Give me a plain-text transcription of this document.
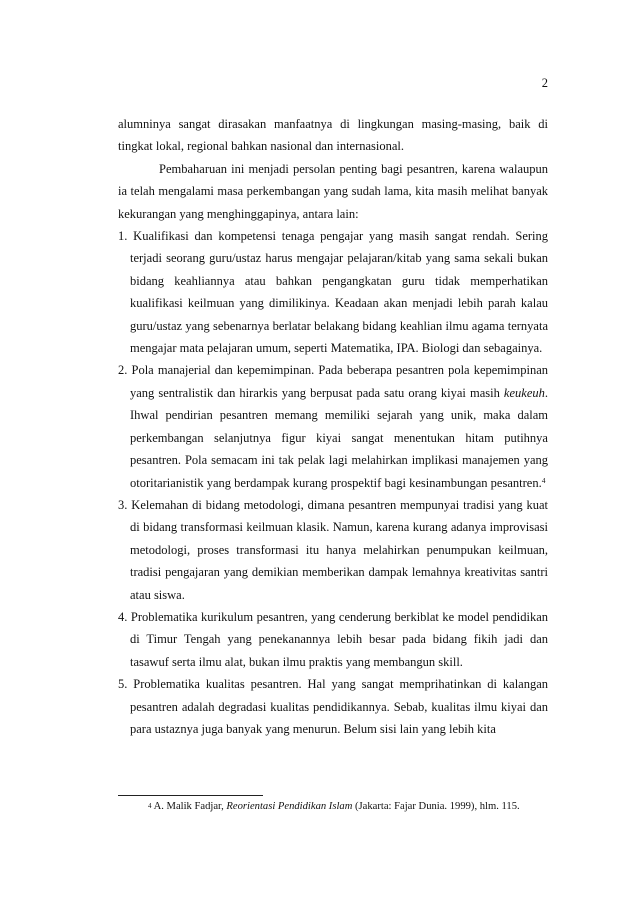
2

alumninya sangat dirasakan manfaatnya di lingkungan masing-masing, baik di tingkat lokal, regional bahkan nasional dan internasional.

Pembaharuan ini menjadi persolan penting bagi pesantren, karena walaupun ia telah mengalami masa perkembangan yang sudah lama, kita masih melihat banyak kekurangan yang menghinggapinya, antara lain:

1. Kualifikasi dan kompetensi tenaga pengajar yang masih sangat rendah. Sering terjadi seorang guru/ustaz harus mengajar pelajaran/kitab yang sama sekali bukan bidang keahliannya atau bahkan pengangkatan guru tidak memperhatikan kualifikasi keilmuan yang dimilikinya. Keadaan akan menjadi lebih parah kalau guru/ustaz yang sebenarnya berlatar belakang bidang keahlian ilmu agama ternyata mengajar mata pelajaran umum, seperti Matematika, IPA. Biologi dan sebagainya.
2. Pola manajerial dan kepemimpinan. Pada beberapa pesantren pola kepemimpinan yang sentralistik dan hirarkis yang berpusat pada satu orang kiyai masih keukeuh. Ihwal pendirian pesantren memang memiliki sejarah yang unik, maka dalam perkembangan selanjutnya figur kiyai sangat menentukan hitam putihnya pesantren. Pola semacam ini tak pelak lagi melahirkan implikasi manajemen yang otoritarianistik yang berdampak kurang prospektif bagi kesinambungan pesantren.$^4$
3. Kelemahan di bidang metodologi, dimana pesantren mempunyai tradisi yang kuat di bidang transformasi keilmuan klasik. Namun, karena kurang adanya improvisasi metodologi, proses transformasi itu hanya melahirkan penumpukan keilmuan, tradisi pengajaran yang demikian memberikan dampak lemahnya kreativitas santri atau siswa.
4. Problematika kurikulum pesantren, yang cenderung berkiblat ke model pendidikan di Timur Tengah yang penekanannya lebih besar pada bidang fikih jadi dan tasawuf serta ilmu alat, bukan ilmu praktis yang membangun skill.
5. Problematika kualitas pesantren. Hal yang sangat memprihatinkan di kalangan pesantren adalah degradasi kualitas pendidikannya. Sebab, kualitas ilmu kiyai dan para ustaznya juga banyak yang menurun. Belum sisi lain yang lebih kita
$^4$ A. Malik Fadjar, Reorientasi Pendidikan Islam (Jakarta: Fajar Dunia. 1999), hlm. 115.
